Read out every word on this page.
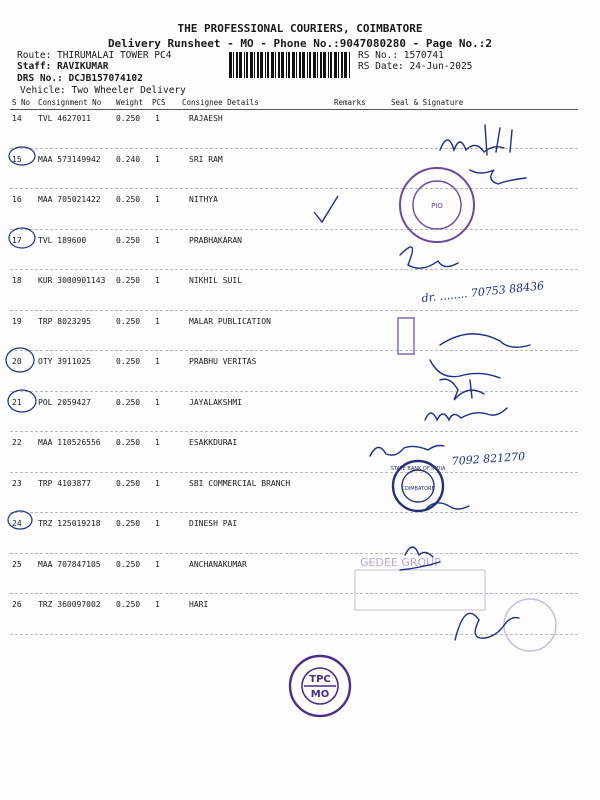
THE PROFESSIONAL COURIERS, COIMBATORE
Delivery Runsheet - MO - Phone No.:9047080280 - Page No.:2
Route: THIRUMALAI TOWER PC4
Staff: RAVIKUMAR
DRS No.: DCJB157074102
Vehicle: Two Wheeler Delivery
RS No.: 1570741
RS Date: 24-Jun-2025
S No Consignment No Weight PCS Consignee Details	Remarks	Seal & Signature
14 TVL 4627011	0.250 1	RAJAESH
15 MAA 573149942 0.240 1	SRI RAM
16 MAA 705021422 0.250 1	NITHYA
17 TVL 189600	0.250 1	PRABHAKARAN
18 KUR 3000901143 0.250 1	NIKHIL SUIL
19 TRP 8023295	0.250 1	MALAR PUBLICATION
20 OTY 3911025	0.250 1	PRABHU VERITAS
21 POL 2059427	0.250 1	JAYALAKSHMI
22 MAA 110526556 0.250 1	ESAKKDURAI
23 TRP 4103877	0.250 1	SBI COMMERCIAL BRANCH
24 TRZ 125019218 0.250 1	DINESH PAI
25 MAA 707847105 0.250 1	ANCHANAKUMAR
26 TRZ 360097002 0.250 1	HARI
PIO
GEDEE GROUP
STATE BANK OF INDIA
COIMBATORE
TPC
MO
dr. ........ 70753 88436
7092 821270
